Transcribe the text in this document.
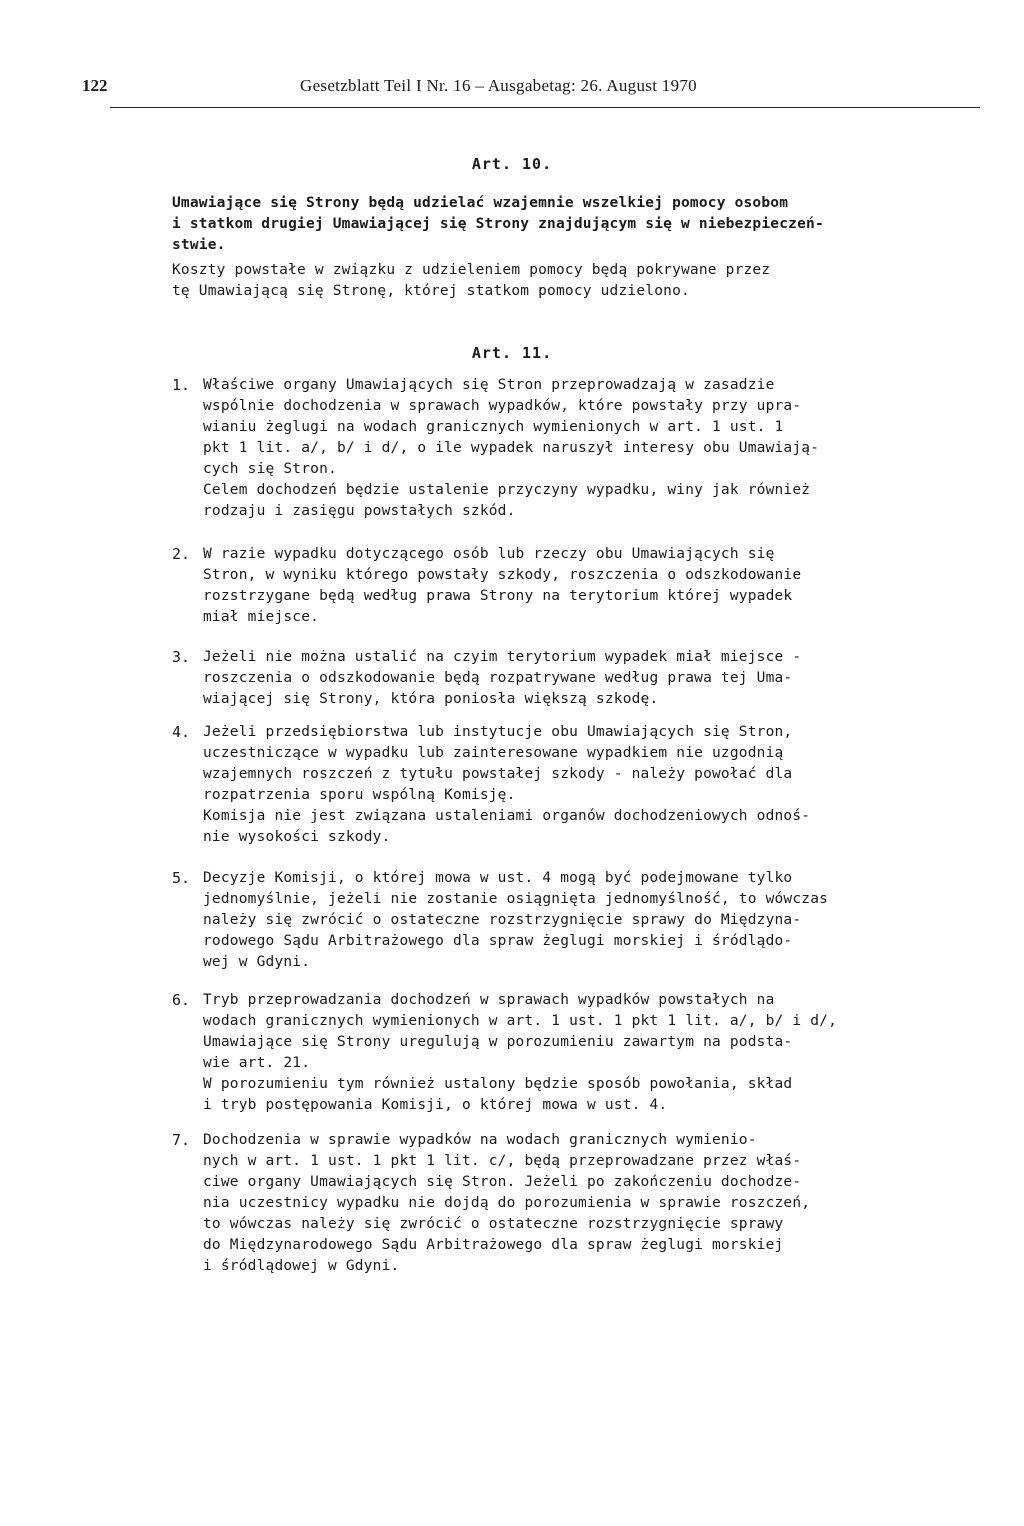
122	Gesetzblatt Teil I Nr. 16 – Ausgabetag: 26. August 1970
Art. 10.
Umawiające się Strony będą udzielać wzajemnie wszelkiej pomocy osobom
i statkom drugiej Umawiającej się Strony znajdującym się w niebezpieczeń-
stwie.
Koszty powstałe w związku z udzieleniem pomocy będą pokrywane przez
tę Umawiającą się Stronę, której statkom pomocy udzielono.
Art. 11.
1. Właściwe organy Umawiających się Stron przeprowadzają w zasadzie
wspólnie dochodzenia w sprawach wypadków, które powstały przy upra-
wianiu żeglugi na wodach granicznych wymienionych w art. 1 ust. 1
pkt 1 lit. a/, b/ i d/, o ile wypadek naruszył interesy obu Umawiają-
cych się Stron.
Celem dochodzeń będzie ustalenie przyczyny wypadku, winy jak również
rodzaju i zasięgu powstałych szkód.
2. W razie wypadku dotyczącego osób lub rzeczy obu Umawiających się
Stron, w wyniku którego powstały szkody, roszczenia o odszkodowanie
rozstrzygane będą według prawa Strony na terytorium której wypadek
miał miejsce.
3. Jeżeli nie można ustalić na czyim terytorium wypadek miał miejsce -
roszczenia o odszkodowanie będą rozpatrywane według prawa tej Uma-
wiającej się Strony, która poniosła większą szkodę.
4. Jeżeli przedsiębiorstwa lub instytucje obu Umawiających się Stron,
uczestniczące w wypadku lub zainteresowane wypadkiem nie uzgodnią
wzajemnych roszczeń z tytułu powstałej szkody - należy powołać dla
rozpatrzenia sporu wspólną Komisję.
Komisja nie jest związana ustaleniami organów dochodzeniowych odnoś-
nie wysokości szkody.
5. Decyzje Komisji, o której mowa w ust. 4 mogą być podejmowane tylko
jednomyślnie, jeżeli nie zostanie osiągnięta jednomyślność, to wówczas
należy się zwrócić o ostateczne rozstrzygnięcie sprawy do Międzyna-
rodowego Sądu Arbitrażowego dla spraw żeglugi morskiej i śródlądo-
wej w Gdyni.
6. Tryb przeprowadzania dochodzeń w sprawach wypadków powstałych na
wodach granicznych wymienionych w art. 1 ust. 1 pkt 1 lit. a/, b/ i d/,
Umawiające się Strony uregulują w porozumieniu zawartym na podsta-
wie art. 21.
W porozumieniu tym również ustalony będzie sposób powołania, skład
i tryb postępowania Komisji, o której mowa w ust. 4.
7. Dochodzenia w sprawie wypadków na wodach granicznych wymienio-
nych w art. 1 ust. 1 pkt 1 lit. c/, będą przeprowadzane przez właś-
ciwe organy Umawiających się Stron. Jeżeli po zakończeniu dochodze-
nia uczestnicy wypadku nie dojdą do porozumienia w sprawie roszczeń,
to wówczas należy się zwrócić o ostateczne rozstrzygnięcie sprawy
do Międzynarodowego Sądu Arbitrażowego dla spraw żeglugi morskiej
i śródlądowej w Gdyni.
